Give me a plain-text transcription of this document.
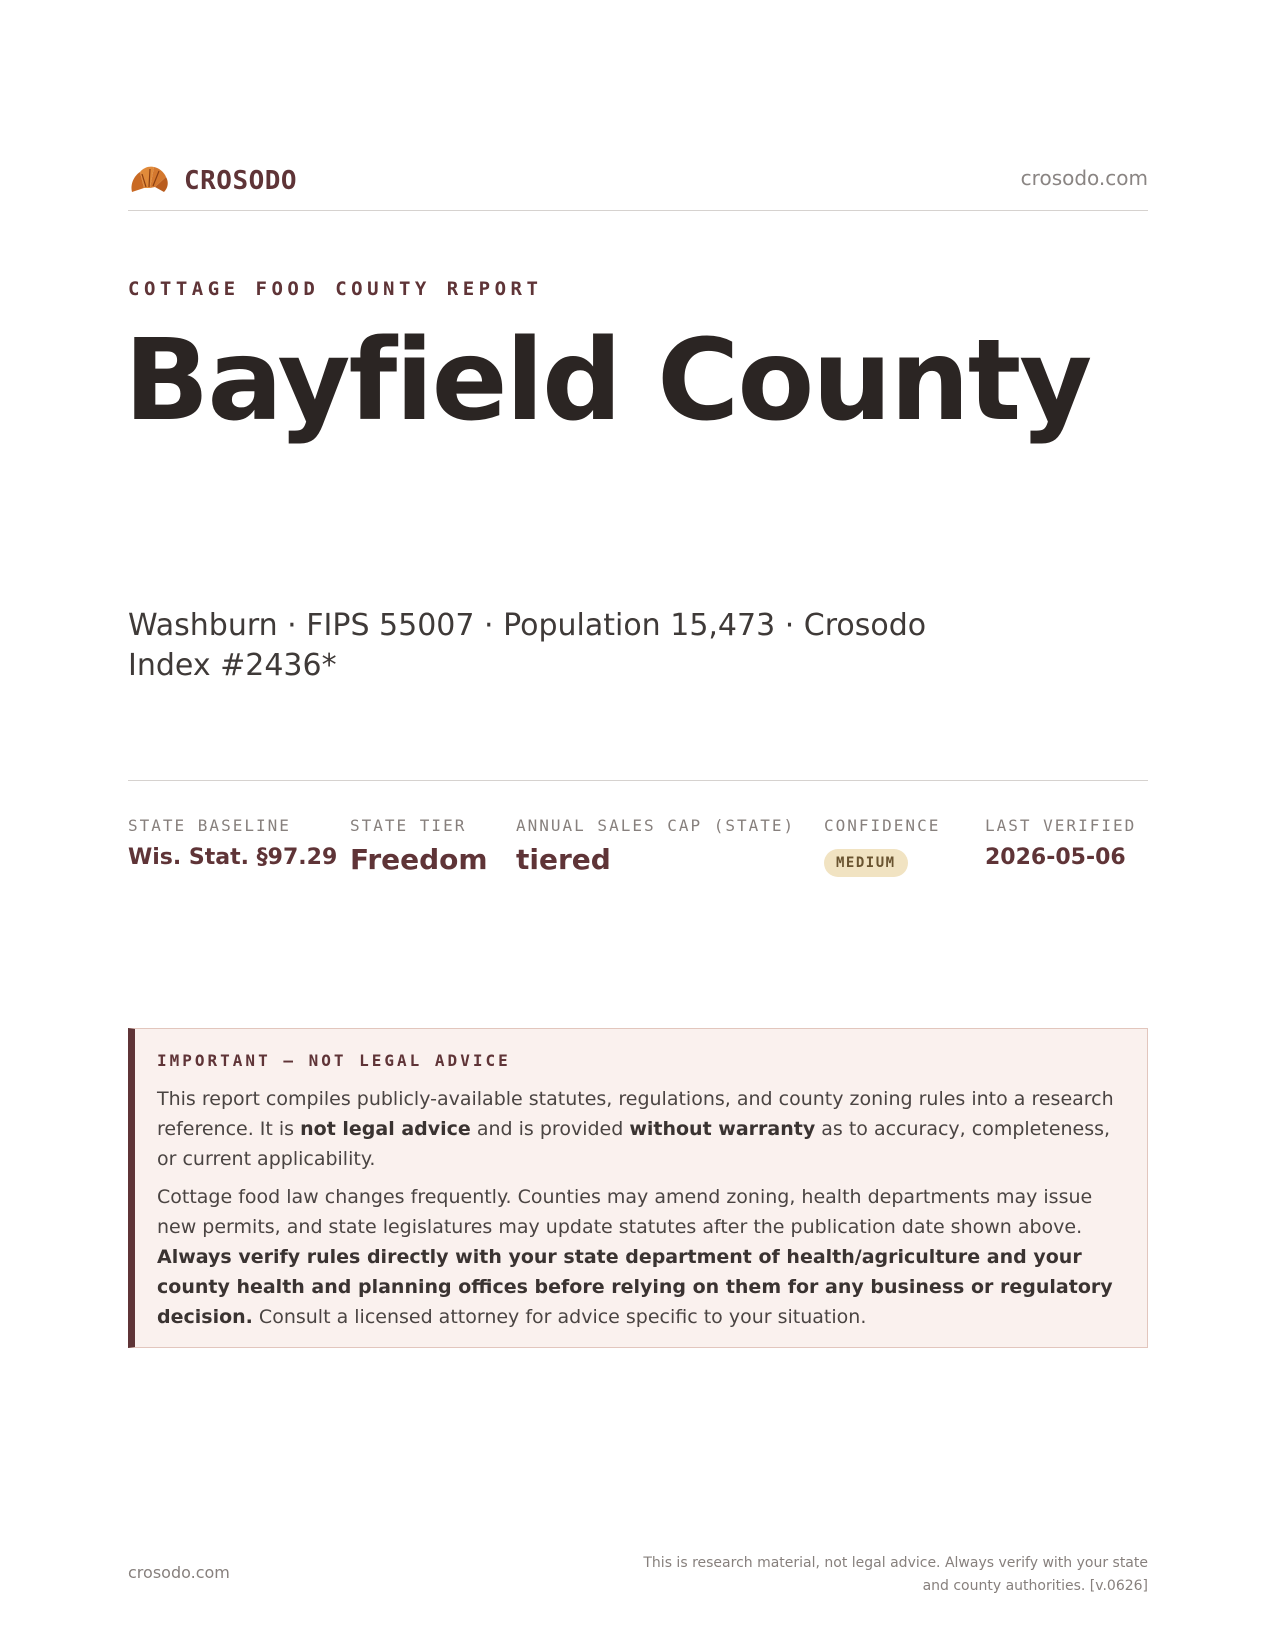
CROSODO	crosodo.com
COTTAGE FOOD COUNTY REPORT
Bayfield County
Washburn · FIPS 55007 · Population 15,473 · Crosodo Index #2436*
STATE BASELINE
Wis. Stat. §97.29
STATE TIER
Freedom
ANNUAL SALES CAP (STATE)
tiered
CONFIDENCE
MEDIUM
LAST VERIFIED
2026-05-06
IMPORTANT — NOT LEGAL ADVICE

This report compiles publicly-available statutes, regulations, and county zoning rules into a research reference. It is not legal advice and is provided without warranty as to accuracy, completeness, or current applicability.

Cottage food law changes frequently. Counties may amend zoning, health departments may issue new permits, and state legislatures may update statutes after the publication date shown above. Always verify rules directly with your state department of health/agriculture and your county health and planning offices before relying on them for any business or regulatory decision. Consult a licensed attorney for advice specific to your situation.

crosodo.com	This is research material, not legal advice. Always verify with your state
and county authorities. [v.0626]
